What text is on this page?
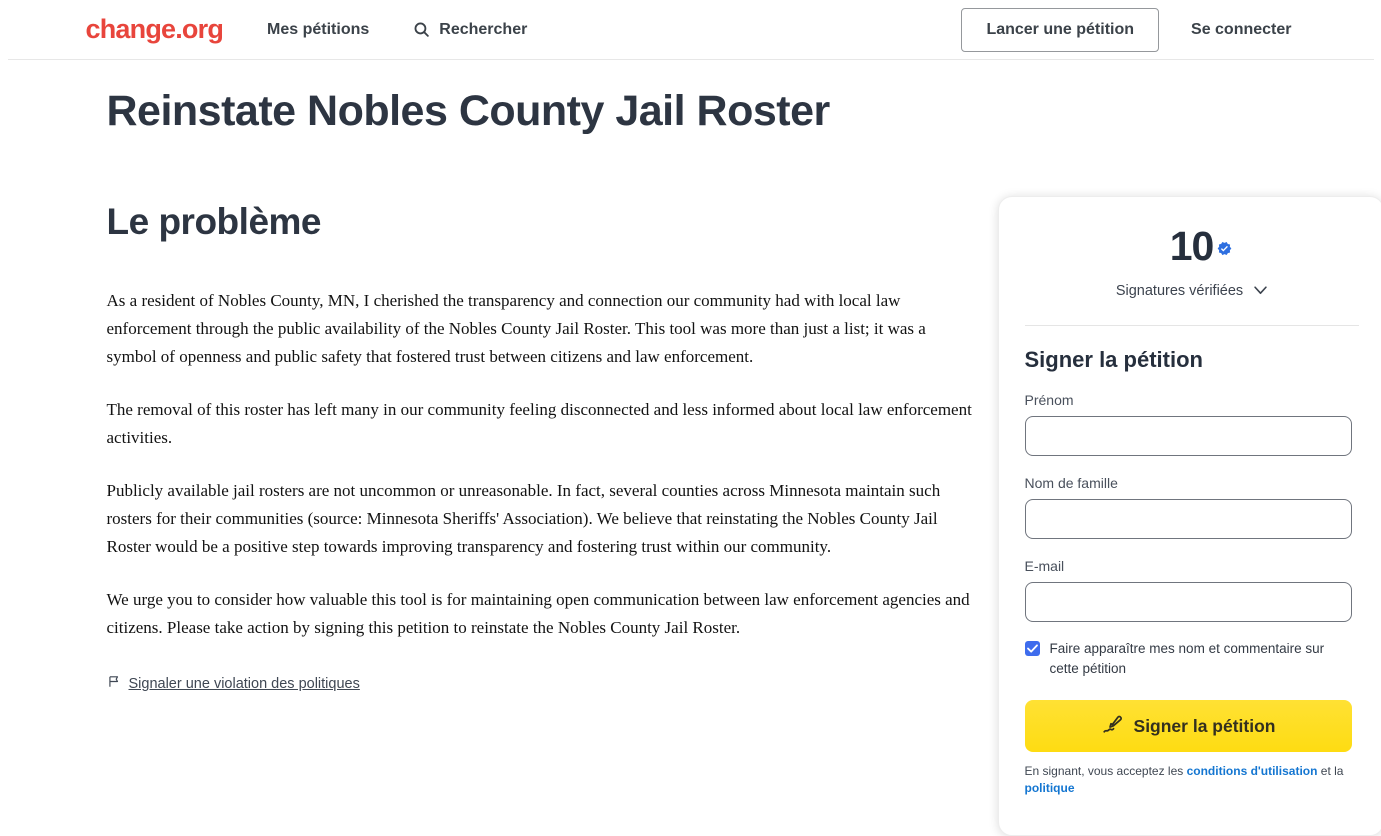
change.org	Mes pétitions	Rechercher	Lancer une pétition	Se connecter
Reinstate Nobles County Jail Roster
Le problème

As a resident of Nobles County, MN, I cherished the transparency and connection our community had with local law enforcement through the public availability of the Nobles County Jail Roster. This tool was more than just a list; it was a symbol of openness and public safety that fostered trust between citizens and law enforcement.

The removal of this roster has left many in our community feeling disconnected and less informed about local law enforcement activities.

Publicly available jail rosters are not uncommon or unreasonable. In fact, several counties across Minnesota maintain such rosters for their communities (source: Minnesota Sheriffs' Association). We believe that reinstating the Nobles County Jail Roster would be a positive step towards improving transparency and fostering trust within our community.

We urge you to consider how valuable this tool is for maintaining open communication between law enforcement agencies and citizens. Please take action by signing this petition to reinstate the Nobles County Jail Roster.

Signaler une violation des politiques
10
Signatures vérifiées
Signer la pétition
Prénom
Nom de famille
E-mail
Faire apparaître mes nom et commentaire sur cette pétition
Signer la pétition

En signant, vous acceptez les conditions d'utilisation et la politique
